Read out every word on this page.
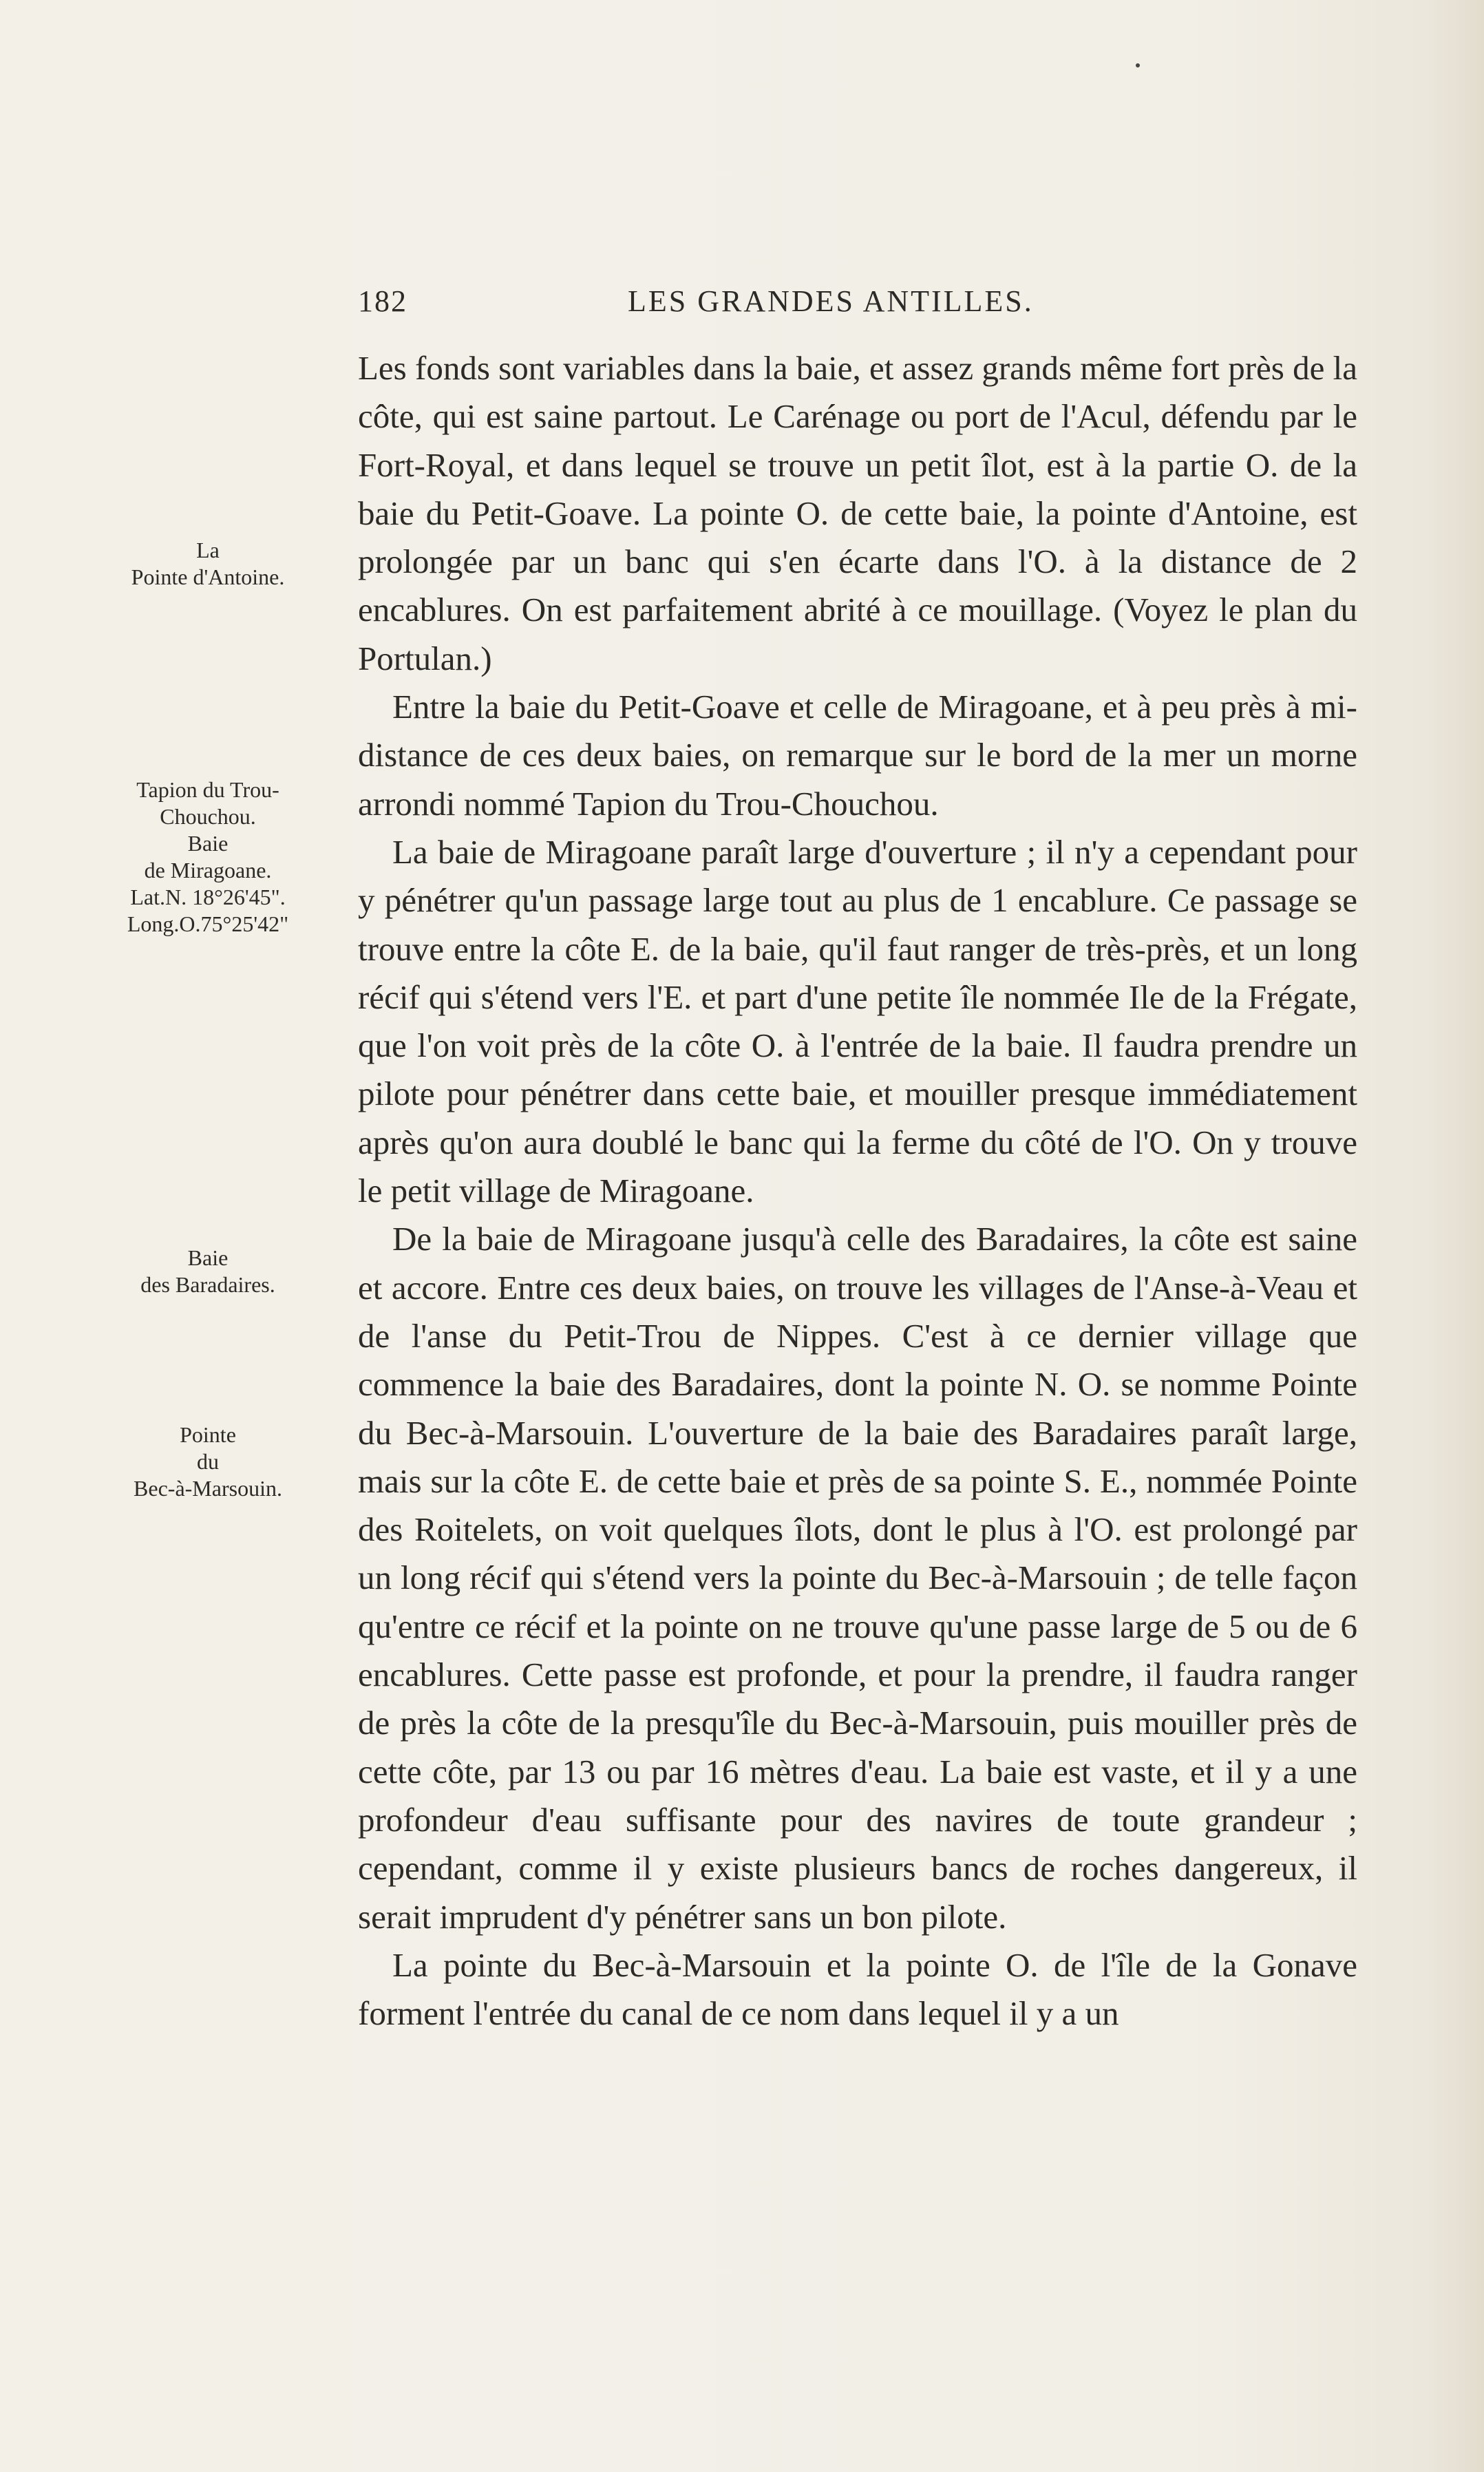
182	LES GRANDES ANTILLES.
La
Pointe d'Antoine.
Tapion du Trou-
Chouchou.
Baie
de Miragoane.
Lat.N. 18°26'45".
Long.O.75°25'42"
Baie
des Baradaires.
Pointe
du
Bec-à-Marsouin.

Les fonds sont variables dans la baie, et assez grands même fort près de la côte, qui est saine partout. Le Carénage ou port de l'Acul, défendu par le Fort-Royal, et dans lequel se trouve un petit îlot, est à la partie O. de la baie du Petit-Goave. La pointe O. de cette baie, la pointe d'Antoine, est prolongée par un banc qui s'en écarte dans l'O. à la distance de 2 encablures. On est parfaitement abrité à ce mouillage. (Voyez le plan du Portulan.)

Entre la baie du Petit-Goave et celle de Miragoane, et à peu près à mi-distance de ces deux baies, on remarque sur le bord de la mer un morne arrondi nommé Tapion du Trou-Chouchou.

La baie de Miragoane paraît large d'ouverture ; il n'y a cependant pour y pénétrer qu'un passage large tout au plus de 1 encablure. Ce passage se trouve entre la côte E. de la baie, qu'il faut ranger de très-près, et un long récif qui s'étend vers l'E. et part d'une petite île nommée Ile de la Frégate, que l'on voit près de la côte O. à l'entrée de la baie. Il faudra prendre un pilote pour pénétrer dans cette baie, et mouiller presque immédiatement après qu'on aura doublé le banc qui la ferme du côté de l'O. On y trouve le petit village de Miragoane.

De la baie de Miragoane jusqu'à celle des Baradaires, la côte est saine et accore. Entre ces deux baies, on trouve les villages de l'Anse-à-Veau et de l'anse du Petit-Trou de Nippes. C'est à ce dernier village que commence la baie des Baradaires, dont la pointe N. O. se nomme Pointe du Bec-à-Marsouin. L'ouverture de la baie des Baradaires paraît large, mais sur la côte E. de cette baie et près de sa pointe S. E., nommée Pointe des Roitelets, on voit quelques îlots, dont le plus à l'O. est prolongé par un long récif qui s'étend vers la pointe du Bec-à-Marsouin ; de telle façon qu'entre ce récif et la pointe on ne trouve qu'une passe large de 5 ou de 6 encablures. Cette passe est profonde, et pour la prendre, il faudra ranger de près la côte de la presqu'île du Bec-à-Marsouin, puis mouiller près de cette côte, par 13 ou par 16 mètres d'eau. La baie est vaste, et il y a une profondeur d'eau suffisante pour des navires de toute grandeur ; cependant, comme il y existe plusieurs bancs de roches dangereux, il serait imprudent d'y pénétrer sans un bon pilote.

La pointe du Bec-à-Marsouin et la pointe O. de l'île de la Gonave forment l'entrée du canal de ce nom dans lequel il y a un
